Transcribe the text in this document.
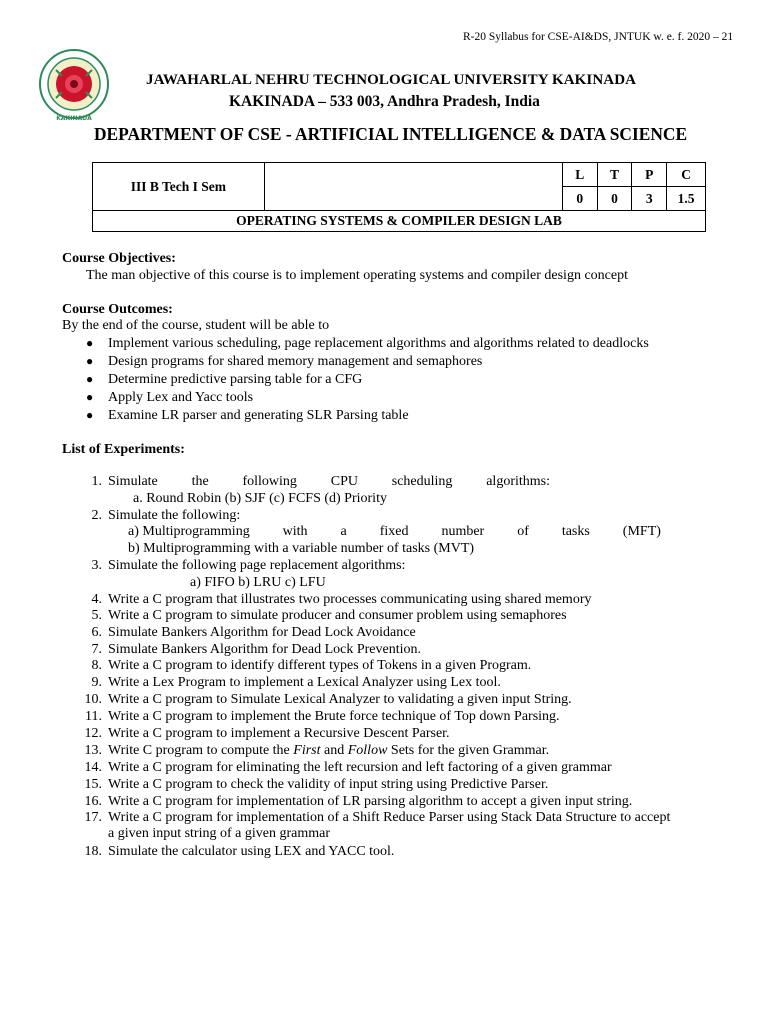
R-20 Syllabus for CSE-AI&DS, JNTUK w. e. f. 2020 – 21
KAKINADA
JAWAHARLAL NEHRU TECHNOLOGICAL UNIVERSITY KAKINADA
KAKINADA – 533 003, Andhra Pradesh, India
DEPARTMENT OF CSE - ARTIFICIAL INTELLIGENCE & DATA SCIENCE
III B Tech I Sem		L	T	P	C
		0	0	3	1.5
OPERATING SYSTEMS & COMPILER DESIGN LAB					
Course Objectives:
The man objective of this course is to implement operating systems and compiler design concept
Course Outcomes:
By the end of the course, student will be able to
● Implement various scheduling, page replacement algorithms and algorithms related to deadlocks
● Design programs for shared memory management and semaphores
● Determine predictive parsing table for a CFG
● Apply Lex and Yacc tools
● Examine LR parser and generating SLR Parsing table
List of Experiments:
1. Simulate the following CPU scheduling algorithms:
a. Round Robin (b) SJF (c) FCFS (d) Priority
2. Simulate the following:
a) Multiprogramming with a fixed number of tasks (MFT)
b) Multiprogramming with a variable number of tasks (MVT)
3. Simulate the following page replacement algorithms:
a) FIFO b) LRU c) LFU
4. Write a C program that illustrates two processes communicating using shared memory
5. Write a C program to simulate producer and consumer problem using semaphores
6. Simulate Bankers Algorithm for Dead Lock Avoidance
7. Simulate Bankers Algorithm for Dead Lock Prevention.
8. Write a C program to identify different types of Tokens in a given Program.
9. Write a Lex Program to implement a Lexical Analyzer using Lex tool.
10. Write a C program to Simulate Lexical Analyzer to validating a given input String.
11. Write a C program to implement the Brute force technique of Top down Parsing.
12. Write a C program to implement a Recursive Descent Parser.
13. Write C program to compute the First and Follow Sets for the given Grammar.
14. Write a C program for eliminating the left recursion and left factoring of a given grammar
15. Write a C program to check the validity of input string using Predictive Parser.
16. Write a C program for implementation of LR parsing algorithm to accept a given input string.
17. Write a C program for implementation of a Shift Reduce Parser using Stack Data Structure to accept
a given input string of a given grammar
18. Simulate the calculator using LEX and YACC tool.
